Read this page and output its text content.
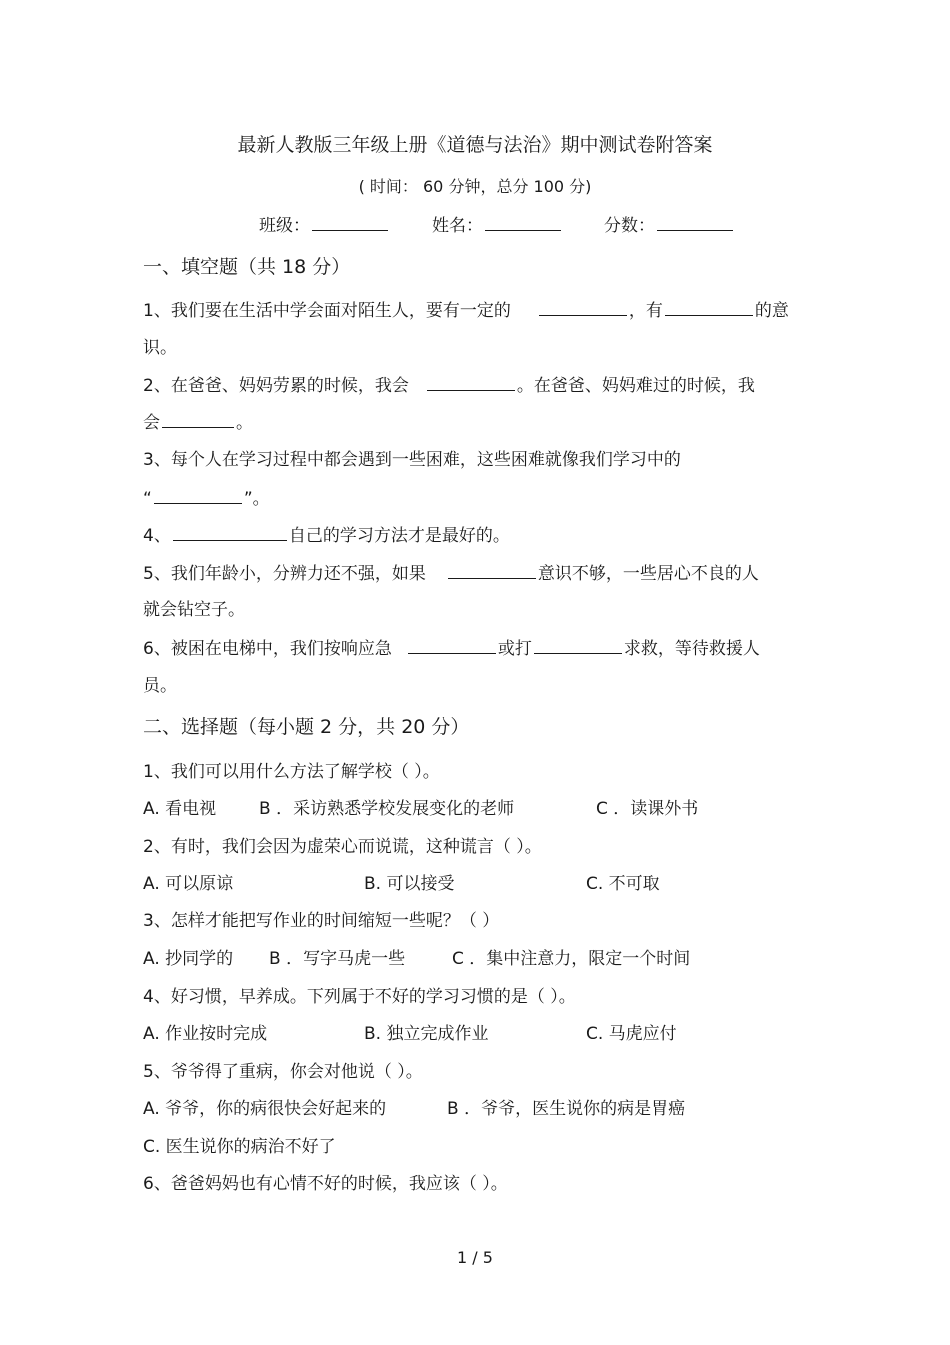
最新人教版三年级上册《道德与法治》期中测试卷附答案
( 时间： 60 分钟，总分 100 分)
班级：	姓名：	分数：
一、填空题（共 18 分）
1、我们要在生活中学会面对陌生人，要有一定的	，有	的意
识。
2、在爸爸、妈妈劳累的时候，我会	。在爸爸、妈妈难过的时候，我
会	。
3、每个人在学习过程中都会遇到一些困难，这些困难就像我们学习中的
“	”。
4、	自己的学习方法才是最好的。
5、我们年龄小，分辨力还不强，如果	意识不够，一些居心不良的人
就会钻空子。
6、被困在电梯中，我们按响应急	或打	求救，等待救援人
员。
二、选择题（每小题 2 分，共 20 分）
1、我们可以用什么方法了解学校（ ）。
A. 看电视	B ．采访熟悉学校发展变化的老师	C ．读课外书
2、有时，我们会因为虚荣心而说谎，这种谎言（ ）。
A. 可以原谅	B. 可以接受	C. 不可取
3、怎样才能把写作业的时间缩短一些呢？（ ）
A. 抄同学的 B ．写字马虎一些	C ．集中注意力，限定一个时间
4、好习惯，早养成。下列属于不好的学习习惯的是（ ）。
A. 作业按时完成	B. 独立完成作业	C. 马虎应付
5、爷爷得了重病，你会对他说（ ）。
A. 爷爷，你的病很快会好起来的	B ．爷爷，医生说你的病是胃癌
C. 医生说你的病治不好了
6、爸爸妈妈也有心情不好的时候，我应该（ ）。
1 / 5
